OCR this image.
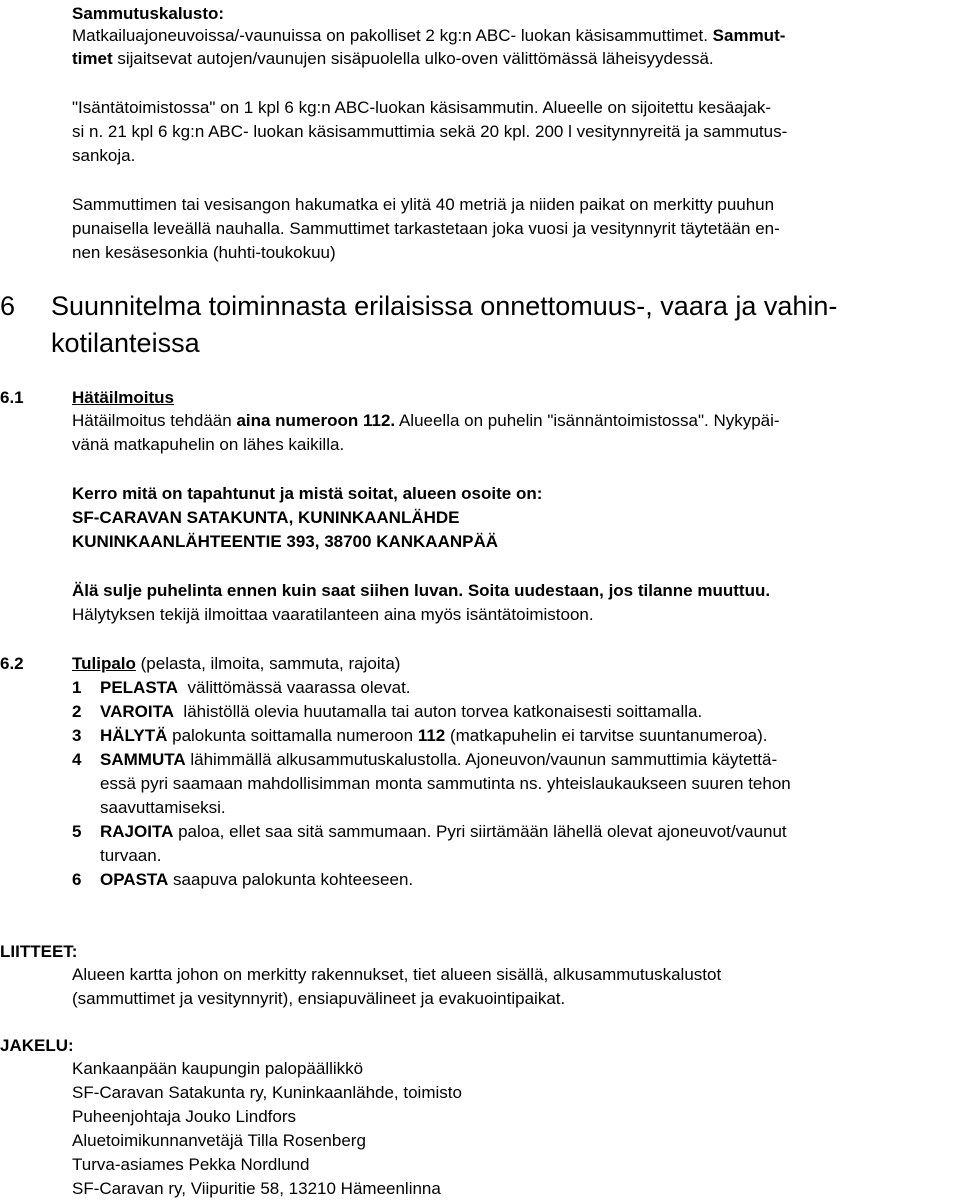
Sammutuskalusto:
Matkailuajoneuvoissa/-vaunuissa on pakolliset 2 kg:n ABC- luokan käsisammuttimet. Sammut-
timet sijaitsevat autojen/vaunujen sisäpuolella ulko-oven välittömässä läheisyydessä.
"Isäntätoimistossa" on 1 kpl 6 kg:n ABC-luokan käsisammutin. Alueelle on sijoitettu kesäajak-
si n. 21 kpl 6 kg:n ABC- luokan käsisammuttimia sekä 20 kpl. 200 l vesitynnyreitä ja sammutus-
sankoja.
Sammuttimen tai vesisangon hakumatka ei ylitä 40 metriä ja niiden paikat on merkitty puuhun
punaisella leveällä nauhalla. Sammuttimet tarkastetaan joka vuosi ja vesitynnyrit täytetään en-
nen kesäsesonkia (huhti-toukokuu)
6 Suunnitelma toiminnasta erilaisissa onnettomuus-, vaara ja vahin-
kotilanteissa
6.1	Hätäilmoitus
Hätäilmoitus tehdään aina numeroon 112. Alueella on puhelin "isännäntoimistossa". Nykypäi-
vänä matkapuhelin on lähes kaikilla.
Kerro mitä on tapahtunut ja mistä soitat, alueen osoite on:
SF-CARAVAN SATAKUNTA, KUNINKAANLÄHDE
KUNINKAANLÄHTEENTIE 393, 38700 KANKAANPÄÄ
Älä sulje puhelinta ennen kuin saat siihen luvan. Soita uudestaan, jos tilanne muuttuu.
Hälytyksen tekijä ilmoittaa vaaratilanteen aina myös isäntätoimistoon.
6.2	Tulipalo (pelasta, ilmoita, sammuta, rajoita)
1 PELASTA  välittömässä vaarassa olevat.
2 VAROITA  lähistöllä olevia huutamalla tai auton torvea katkonaisesti soittamalla.
3 HÄLYTÄ palokunta soittamalla numeroon 112 (matkapuhelin ei tarvitse suuntanumeroa).
4 SAMMUTA lähimmällä alkusammutuskalustolla. Ajoneuvon/vaunun sammuttimia käytettä-
essä pyri saamaan mahdollisimman monta sammutinta ns. yhteislaukaukseen suuren tehon
saavuttamiseksi.
5 RAJOITA paloa, ellet saa sitä sammumaan. Pyri siirtämään lähellä olevat ajoneuvot/vaunut
turvaan.
6 OPASTA saapuva palokunta kohteeseen.
LIITTEET:
Alueen kartta johon on merkitty rakennukset, tiet alueen sisällä, alkusammutuskalustot
(sammuttimet ja vesitynnyrit), ensiapuvälineet ja evakuointipaikat.
JAKELU:
Kankaanpään kaupungin palopäällikkö
SF-Caravan Satakunta ry, Kuninkaanlähde, toimisto
Puheenjohtaja Jouko Lindfors
Aluetoimikunnanvetäjä Tilla Rosenberg
Turva-asiames Pekka Nordlund
SF-Caravan ry, Viipuritie 58, 13210 Hämeenlinna
